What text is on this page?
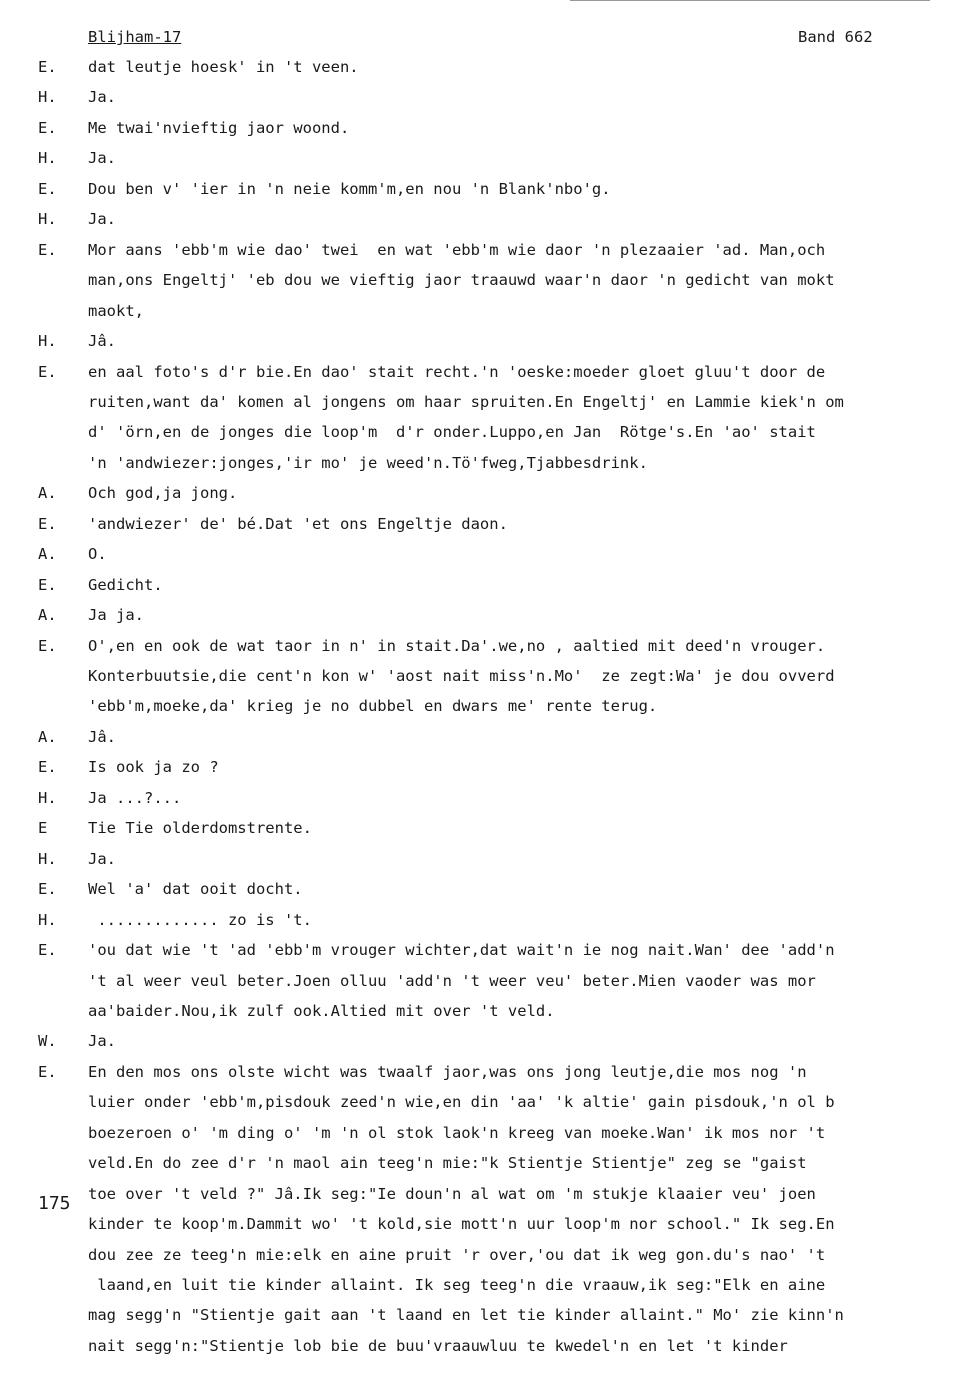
Blijham-17	Band 662
175
E. dat leutje hoesk' in 't veen.
H. Ja.
E. Me twai'nvieftig jaor woond.
H. Ja.
E. Dou ben v' 'ier in 'n neie komm'm,en nou 'n Blank'nbo'g.
H. Ja.
E. Mor aans 'ebb'm wie dao' twei  en wat 'ebb'm wie daor 'n plezaaier 'ad. Man,och
man,ons Engeltj' 'eb dou we vieftig jaor traauwd waar'n daor 'n gedicht van mokt
maokt,
H. Jâ.
E. en aal foto's d'r bie.En dao' stait recht.'n 'oeske:moeder gloet gluu't door de
ruiten,want da' komen al jongens om haar spruiten.En Engeltj' en Lammie kiek'n om
d' 'örn,en de jonges die loop'm  d'r onder.Luppo,en Jan  Rötge's.En 'ao' stait
'n 'andwiezer:jonges,'ir mo' je weed'n.Tö'fweg,Tjabbesdrink.
A. Och god,ja jong.
E. 'andwiezer' de' bé.Dat 'et ons Engeltje daon.
A. O.
E. Gedicht.
A. Ja ja.
E. O',en en ook de wat taor in n' in stait.Da'.we,no , aaltied mit deed'n vrouger.
Konterbuutsie,die cent'n kon w' 'aost nait miss'n.Mo'  ze zegt:Wa' je dou ovverd
'ebb'm,moeke,da' krieg je no dubbel en dwars me' rente terug.
A. Jâ.
E. Is ook ja zo ?
H. Ja ...?...
E	Tie Tie olderdomstrente.
H. Ja.
E. Wel 'a' dat ooit docht.
H. ............. zo is 't.
E. 'ou dat wie 't 'ad 'ebb'm vrouger wichter,dat wait'n ie nog nait.Wan' dee 'add'n
't al weer veul beter.Joen olluu 'add'n 't weer veu' beter.Mien vaoder was mor
aa'baider.Nou,ik zulf ook.Altied mit over 't veld.
W. Ja.
E. En den mos ons olste wicht was twaalf jaor,was ons jong leutje,die mos nog 'n
luier onder 'ebb'm,pisdouk zeed'n wie,en din 'aa' 'k altie' gain pisdouk,'n ol b
boezeroen o' 'm ding o' 'm 'n ol stok laok'n kreeg van moeke.Wan' ik mos nor 't
veld.En do zee d'r 'n maol ain teeg'n mie:"k Stientje Stientje" zeg se "gaist
toe over 't veld ?" Jâ.Ik seg:"Ie doun'n al wat om 'm stukje klaaier veu' joen
kinder te koop'm.Dammit wo' 't kold,sie mott'n uur loop'm nor school." Ik seg.En
dou zee ze teeg'n mie:elk en aine pruit 'r over,'ou dat ik weg gon.du's nao' 't
laand,en luit tie kinder allaint. Ik seg teeg'n die vraauw,ik seg:"Elk en aine
mag segg'n "Stientje gait aan 't laand en let tie kinder allaint." Mo' zie kinn'n
nait segg'n:"Stientje lob bie de buu'vraauwluu te kwedel'n en let 't kinder
